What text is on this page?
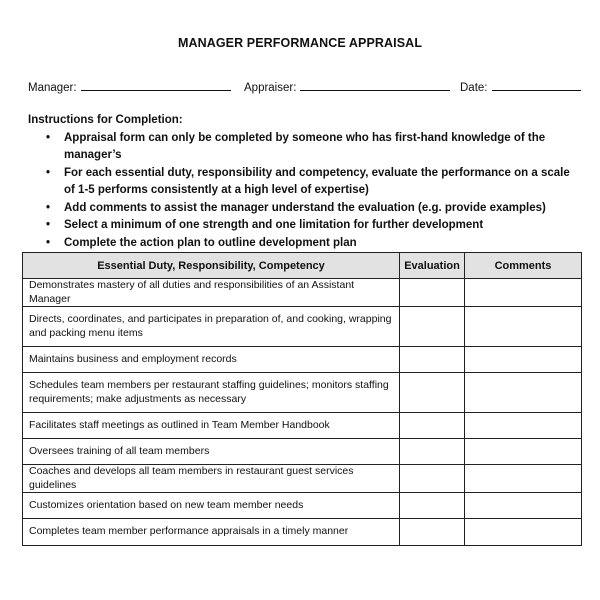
MANAGER PERFORMANCE APPRAISAL
Manager:	Appraiser:	Date:
Instructions for Completion:
• Appraisal form can only be completed by someone who has first-hand knowledge of the manager’s
• For each essential duty, responsibility and competency, evaluate the performance on a scale of 1-5 performs consistently at a high level of expertise)
• Add comments to assist the manager understand the evaluation (e.g. provide examples)
• Select a minimum of one strength and one limitation for further development
• Complete the action plan to outline development plan
Essential Duty, Responsibility, Competency	Evaluation	Comments
Demonstrates mastery of all duties and responsibilities of an Assistant Manager		
Directs, coordinates, and participates in preparation of, and cooking, wrapping and packing menu items		
Maintains business and employment records		
Schedules team members per restaurant staffing guidelines; monitors staffing requirements; make adjustments as necessary		
Facilitates staff meetings as outlined in Team Member Handbook		
Oversees training of all team members		
Coaches and develops all team members in restaurant guest services guidelines		
Customizes orientation based on new team member needs		
Completes team member performance appraisals in a timely manner		
